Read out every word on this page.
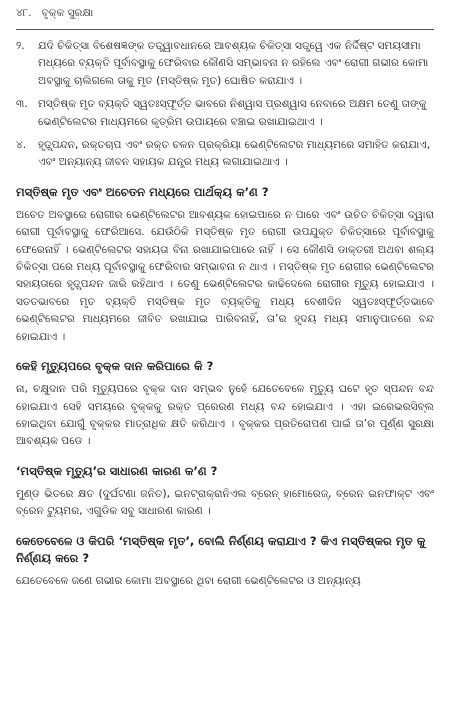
୪୮. ବୃକ୍କ ସୁରକ୍ଷା
୨.	ଯଦି ଚିକିତ୍ସା ବିଶେଷଜ୍ଞଙ୍କ ତତ୍ତ୍ୱାବଧାନରେ ଆବଶ୍ୟକ ଚିକିତ୍ସା ସତ୍ତ୍ୱେ ଏକ ନିର୍ଦ୍ଦିଷ୍ଟ ସମୟସୀମା ମଧ୍ୟରେ ବ୍ୟକ୍ତି ପୂର୍ବାବସ୍ଥାକୁ ଫେରିବାର କୌଣସି ସମ୍ଭାବନା ନ ରହିଲେ ଏବଂ ରୋଗୀ ଗଭୀର କୋମା ଅବସ୍ଥାକୁ ଚାଲିଗଲେ ତାକୁ ମୃତ (ମସ୍ତିଷ୍କ ମୃତ) ଘୋଷିତ କରାଯାଏ ।
୩. ମସ୍ତିଷ୍କ ମୃତ ବ୍ୟକ୍ତି ସ୍ୱତଃସ୍ଫୂର୍ତ୍ତ ଭାବରେ ନିଶ୍ୱାସ ପ୍ରଶ୍ୱାସ ନେବାରେ ଅକ୍ଷମ ତେଣୁ ତାଙ୍କୁ ଭେଣ୍ଟିଲେଟର ମାଧ୍ୟମରେ କୃତ୍ରିମ ଉପାୟରେ ବଞ୍ଚାଇ ରଖାଯାଇଥାଏ ।
୪.	ହୃତ୍ସ୍ପନ୍ଦନ, ରକ୍ତଚାପ ଏବଂ ରକ୍ତ ଚଳନ ପ୍ରକ୍ରିୟା ଭେଣ୍ଟିଲେଟର ମାଧ୍ୟମରେ ସମାହିତ କରାଯାଏ, ଏବଂ ଅନ୍ୟାନ୍ୟ ଜୀବନ ସହାୟକ ଯନ୍ତ୍ର ମଧ୍ୟ ଲଗାଯାଇଥାଏ ।
ମସ୍ତିଷ୍କ ମୃତ ଏବଂ ଅଚେତନ ମଧ୍ୟରେ ପାର୍ଥକ୍ୟ କ’ଣ ?

ଅଚେତ ଅବସ୍ଥାରେ ରୋଗୀର ଭେଣ୍ଟିଲେଟର ଆବଶ୍ୟକ ହୋଇପାରେ ନ ପାରେ ଏବଂ ଉଚିତ ଚିକିତ୍ସା ଦ୍ୱାରା ରୋଗୀ ପୂର୍ବାବସ୍ଥାକୁ ଫେରିଆସେ. ଯେଉଁଠିକି ମସ୍ତିଷ୍କ ମୃତ ରୋଗୀ ଉପଯୁକ୍ତ ଚିକିତ୍ସାରେ ପୂର୍ବାବସ୍ଥାକୁ ଫେରେନାହିଁ । ଭେଣ୍ଟିଲେଟର ସହାୟତା ବିନା ରଖାଯାଇପାରେ ନାହିଁ । ସେ କୌଣସି ଡାକ୍ତରୀ ଅଥବା ଶଲ୍ୟ ଚିକିତ୍ସା ପରେ ମଧ୍ୟ ପୂର୍ବାବସ୍ଥାକୁ ଫେରିବାର ସମ୍ଭାବନା ନ ଥାଏ । ମସ୍ତିଷ୍କ ମୃତ ରୋଗୀର ଭେଣ୍ଟିଲେଟର ସହାୟତାରେ ହୃତ୍ସ୍ପନ୍ଦନ ଜାରି ରହିଥାଏ । ତେଣୁ ଭେଣ୍ଟିଲେଟର କାଢିଦେଲେ ରୋଗୀର ମୃତ୍ୟୁ ହୋଇଯାଏ । ସତତଭାବରେ ମୃତ ବ୍ୟକ୍ତି ମସ୍ତିଷ୍କ ମୃତ ବ୍ୟକ୍ତିକୁ ମଧ୍ୟ ବେଶୀଦିନ ସ୍ୱତଃସ୍ଫୂର୍ତ୍ତଭାବେ ଭେଣ୍ଟିଲେଟର ମାଧ୍ୟମରେ ଜୀବିତ ରଖାଯାଇ ପାରିବନାହିଁ, ତା’ର ହୃଦୟ ମଧ୍ୟ ସମାନୁପାତରେ ବନ୍ଦ ହୋଇଯାଏ ।

କେହି ମୃତ୍ୟୁପରେ ବୃକ୍କ ଦାନ କରିପାରେ କି ?

ନା, ଚକ୍ଷୁଦାନ ପରି ମୃତ୍ୟୁପରେ ବୃକ୍କ ଦାନ ସମ୍ଭବ ନୁହେଁ ଯେତେବେଳେ ମୃତ୍ୟୁ ଘଟେ ହୃତ ସ୍ପନ୍ଦନ ବନ୍ଦ ହୋଇଯାଏ ସେହି ସମୟରେ ବୃକ୍କକୁ ରକ୍ତ ପ୍ରେରଣ ମଧ୍ୟ ବନ୍ଦ ହୋଇଯାଏ । ଏହା ଇରେଭରସିବ୍‌ଲ ହୋଇଥିବା ଯୋଗୁଁ ବୃକ୍କର ମାତ୍ରାଧିକ କ୍ଷତି କରିଥାଏ । ବୃକ୍କର ପ୍ରତିରୋପଣ ପାଇଁ ତା’ର ପୂର୍ଣ୍ଣ ସୁରକ୍ଷା ଆବଶ୍ୟକ ପଡେ ।

‘ମସ୍ତିଷ୍କ ମୃତ୍ୟୁ’ର ସାଧାରଣ କାରଣ କ’ଣ ?

ମୁଣ୍ଡ ଭିତରେ କ୍ଷତ (ଦୁର୍ଘଟଣା ଜନିତ), ଇନଟ୍ରାକ୍ରାନିଏଲ ବ୍ରେନ୍ ହାମୋରେଜ୍, ବ୍ରେନ ଇନଫାକ୍ଟ ଏବଂ ବ୍ରେନ ଟ୍ୟୁମର, ଏଗୁଡିକ ସବୁ ସାଧାରଣ କାରଣ ।

କେତେବେଳେ ଓ କିପରି ‘ମସ୍ତିଷ୍କ ମୃତ’, ବୋଲି ନିର୍ଣ୍ଣୟ କରାଯାଏ ? କିଏ ମସ୍ତିଷ୍କର ମୃତ କୁ ନିର୍ଣ୍ଣୟ କରେ ?

ଯେତେବେଳେ ଜଣେ ଗଭୀର କୋମା ଅବସ୍ଥାରେ ଥିବା ରୋଗୀ ଭେଣ୍ଟିଲେଟର ଓ ଅନ୍ୟାନ୍ୟ
